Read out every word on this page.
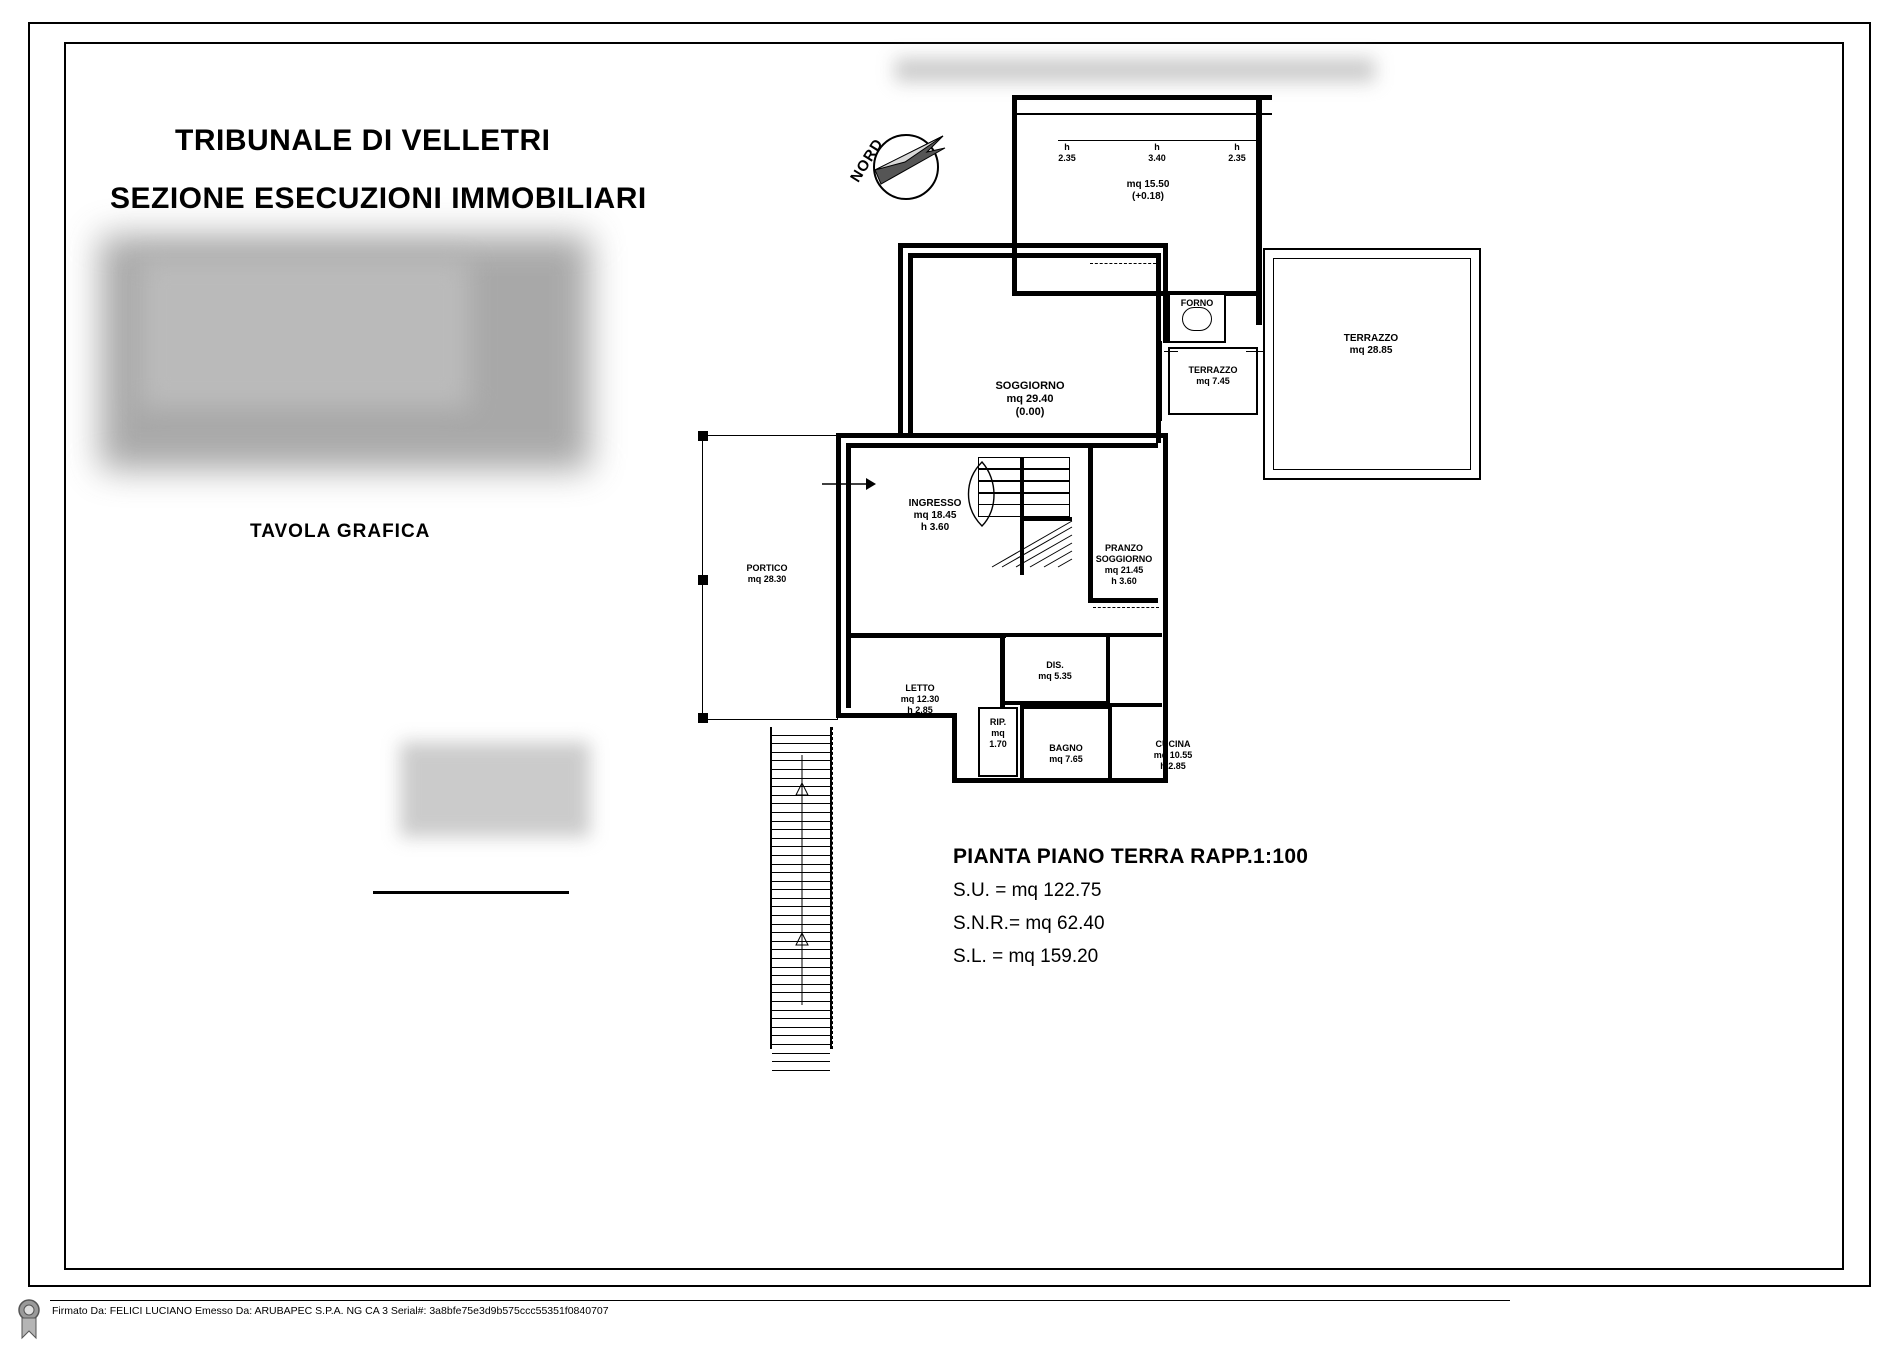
TRIBUNALE DI VELLETRI
SEZIONE ESECUZIONI IMMOBILIARI
TAVOLA GRAFICA
NORD
PIANTA PIANO TERRA RAPP.1:100
S.U. = mq 122.75
S.N.R.= mq 62.40
S.L. = mq 159.20
h
2.35
h
3.40
h
2.35
mq 15.50
(+0.18)
SOGGIORNO
mq 29.40
(0.00)
FORNO
TERRAZZO
mq 7.45
TERRAZZO
mq 28.85
PORTICO
mq 28.30
INGRESSO
mq 18.45
h 3.60
PRANZO
SOGGIORNO
mq 21.45
h 3.60
LETTO
mq 12.30
h 2.85
DIS.
mq 5.35
RIP.
mq
1.70	BAGNO
mq 7.65
CUCINA
mq 10.55
h 2.85
Firmato Da: FELICI LUCIANO Emesso Da: ARUBAPEC S.P.A. NG CA 3 Serial#: 3a8bfe75e3d9b575ccc55351f0840707
